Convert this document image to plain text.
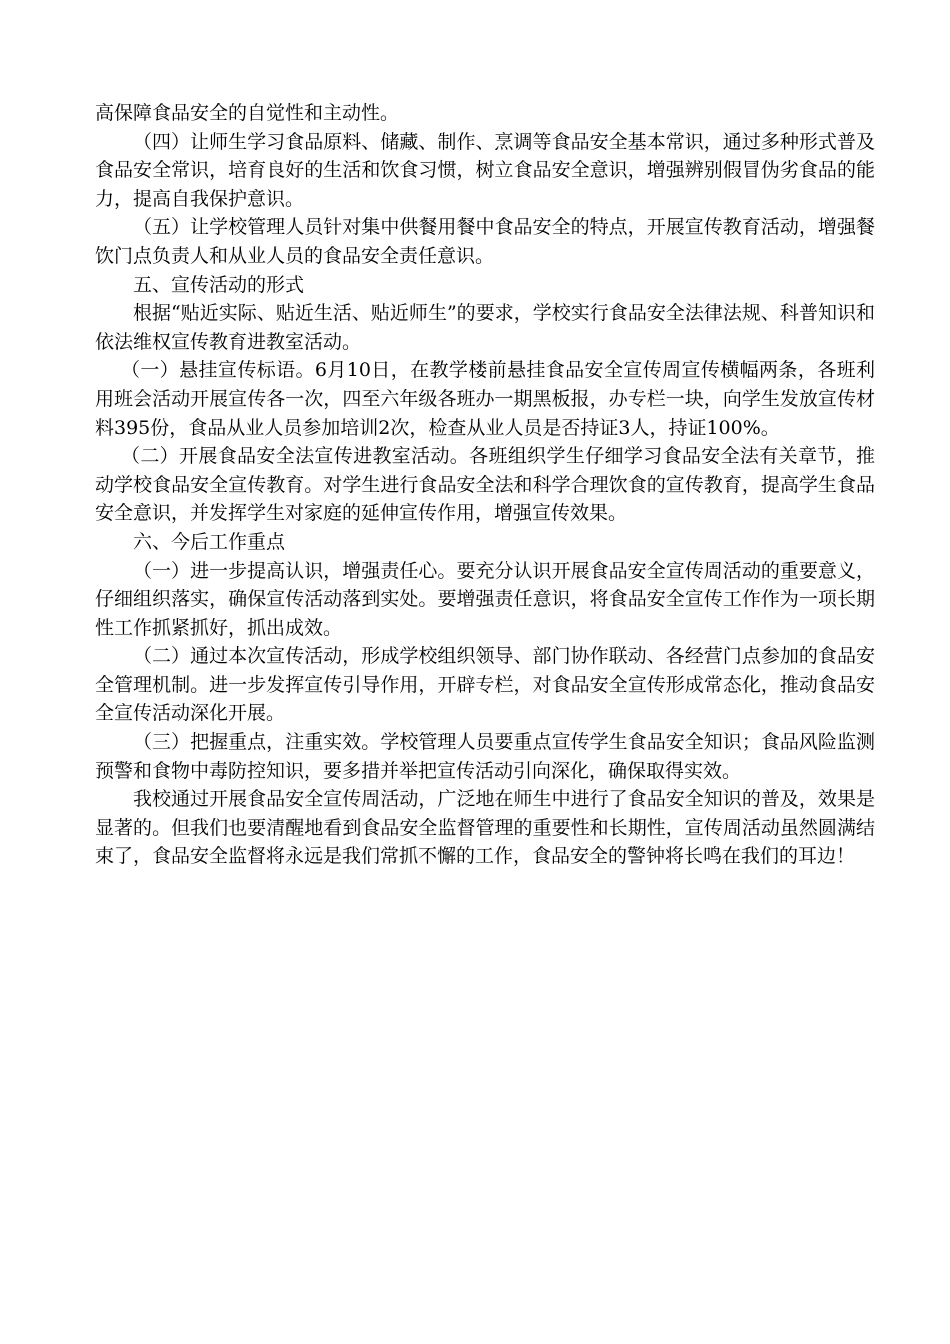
高保障食品安全的自觉性和主动性。

（四）让师生学习食品原料、储藏、制作、烹调等食品安全基本常识，通过多种形式普及食品安全常识，培育良好的生活和饮食习惯，树立食品安全意识，增强辨别假冒伪劣食品的能力，提高自我保护意识。

（五）让学校管理人员针对集中供餐用餐中食品安全的特点，开展宣传教育活动，增强餐饮门点负责人和从业人员的食品安全责任意识。

五、宣传活动的形式

根据“贴近实际、贴近生活、贴近师生”的要求，学校实行食品安全法律法规、科普知识和依法维权宣传教育进教室活动。

（一）悬挂宣传标语。6月10日，在教学楼前悬挂食品安全宣传周宣传横幅两条，各班利用班会活动开展宣传各一次，四至六年级各班办一期黑板报，办专栏一块，向学生发放宣传材料395份，食品从业人员参加培训2次，检查从业人员是否持证3人，持证100%。

（二）开展食品安全法宣传进教室活动。各班组织学生仔细学习食品安全法有关章节，推动学校食品安全宣传教育。对学生进行食品安全法和科学合理饮食的宣传教育，提高学生食品安全意识，并发挥学生对家庭的延伸宣传作用，增强宣传效果。

六、今后工作重点

（一）进一步提高认识，增强责任心。要充分认识开展食品安全宣传周活动的重要意义，仔细组织落实，确保宣传活动落到实处。要增强责任意识，将食品安全宣传工作作为一项长期性工作抓紧抓好，抓出成效。

（二）通过本次宣传活动，形成学校组织领导、部门协作联动、各经营门点参加的食品安全管理机制。进一步发挥宣传引导作用，开辟专栏，对食品安全宣传形成常态化，推动食品安全宣传活动深化开展。

（三）把握重点，注重实效。学校管理人员要重点宣传学生食品安全知识；食品风险监测预警和食物中毒防控知识，要多措并举把宣传活动引向深化，确保取得实效。

我校通过开展食品安全宣传周活动，广泛地在师生中进行了食品安全知识的普及，效果是显著的。但我们也要清醒地看到食品安全监督管理的重要性和长期性，宣传周活动虽然圆满结束了，食品安全监督将永远是我们常抓不懈的工作，食品安全的警钟将长鸣在我们的耳边！
